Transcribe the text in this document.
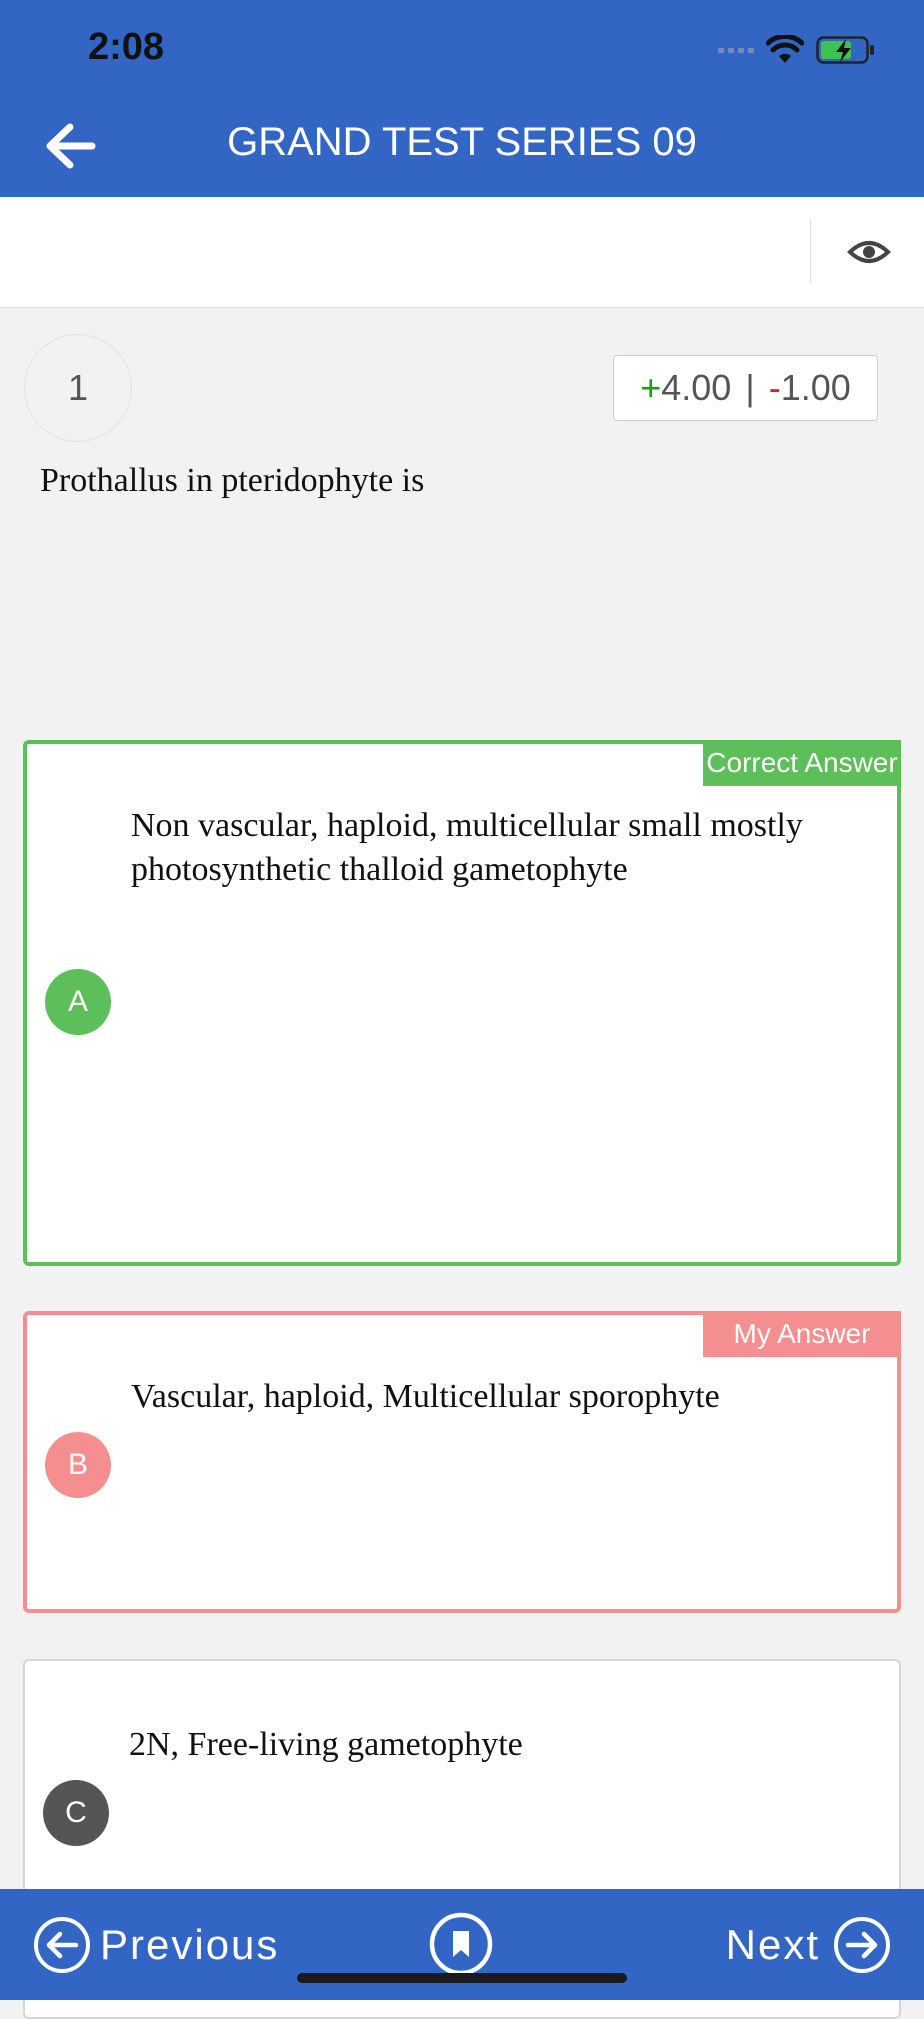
2:08
GRAND TEST SERIES 09
1	+4.00 | -1.00
Prothallus in pteridophyte is
Correct Answer
A
Non vascular, haploid, multicellular small mostly photosynthetic thalloid gametophyte
My Answer
B
Vascular, haploid, Multicellular sporophyte
C
2N, Free-living gametophyte
Previous	Next
